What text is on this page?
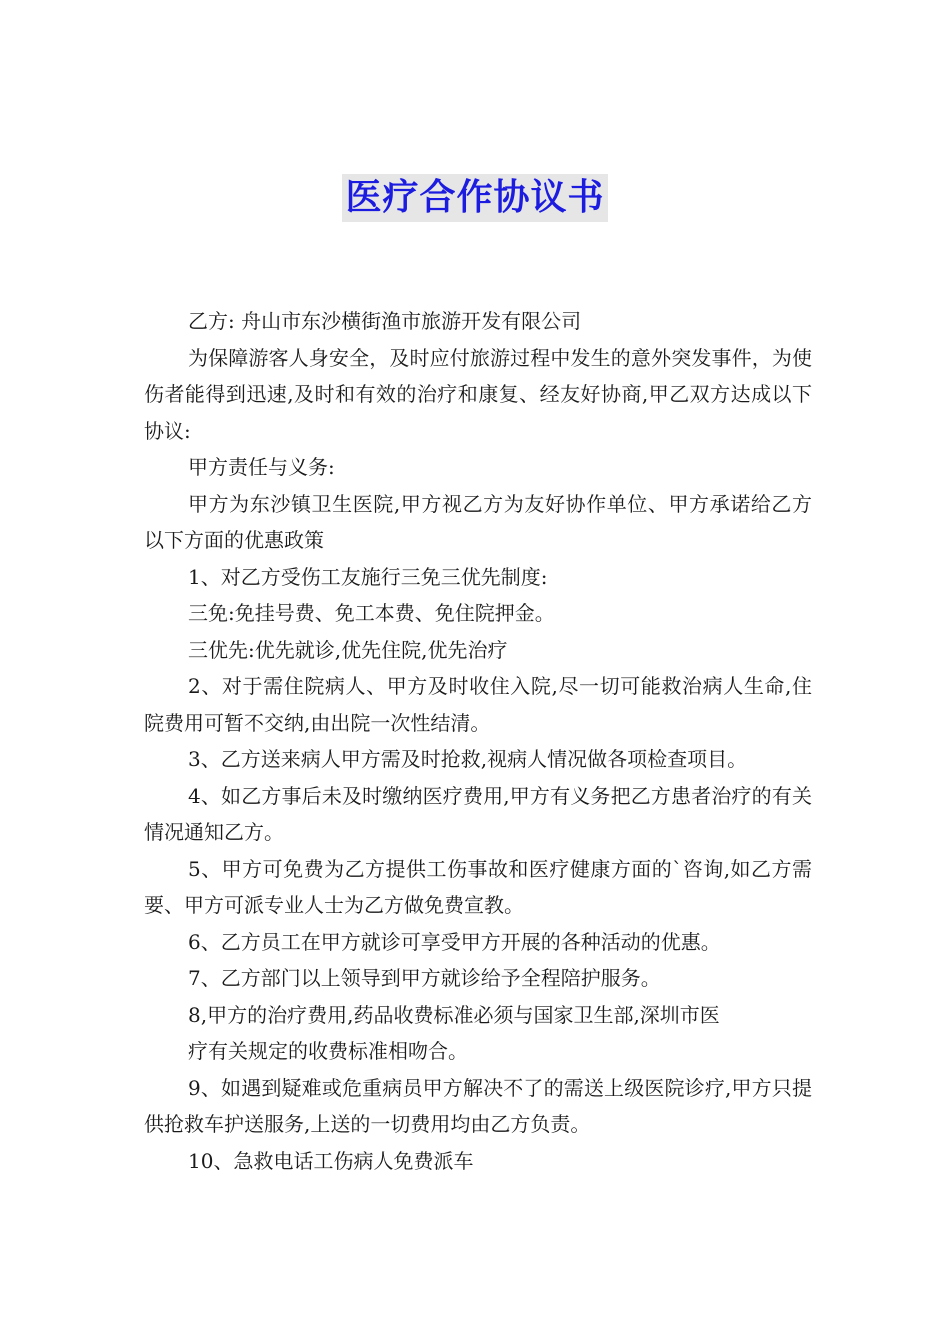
医疗合作协议书

乙方: 舟山市东沙横街渔市旅游开发有限公司

为保障游客人身安全，及时应付旅游过程中发生的意外突发事件，为使伤者能得到迅速,及时和有效的治疗和康复、经友好协商,甲乙双方达成以下协议:

甲方责任与义务:

甲方为东沙镇卫生医院,甲方视乙方为友好协作单位、甲方承诺给乙方以下方面的优惠政策

1、对乙方受伤工友施行三免三优先制度:

三免:免挂号费、免工本费、免住院押金。

三优先:优先就诊,优先住院,优先治疗

2、对于需住院病人、甲方及时收住入院,尽一切可能救治病人生命,住院费用可暂不交纳,由出院一次性结清。

3、乙方送来病人甲方需及时抢救,视病人情况做各项检查项目。

4、如乙方事后未及时缴纳医疗费用,甲方有义务把乙方患者治疗的有关情况通知乙方。

5、甲方可免费为乙方提供工伤事故和医疗健康方面的`咨询,如乙方需要、甲方可派专业人士为乙方做免费宣教。

6、乙方员工在甲方就诊可享受甲方开展的各种活动的优惠。

7、乙方部门以上领导到甲方就诊给予全程陪护服务。

8,甲方的治疗费用,药品收费标准必须与国家卫生部,深圳市医

疗有关规定的收费标准相吻合。

9、如遇到疑难或危重病员甲方解决不了的需送上级医院诊疗,甲方只提供抢救车护送服务,上送的一切费用均由乙方负责。

10、急救电话工伤病人免费派车
